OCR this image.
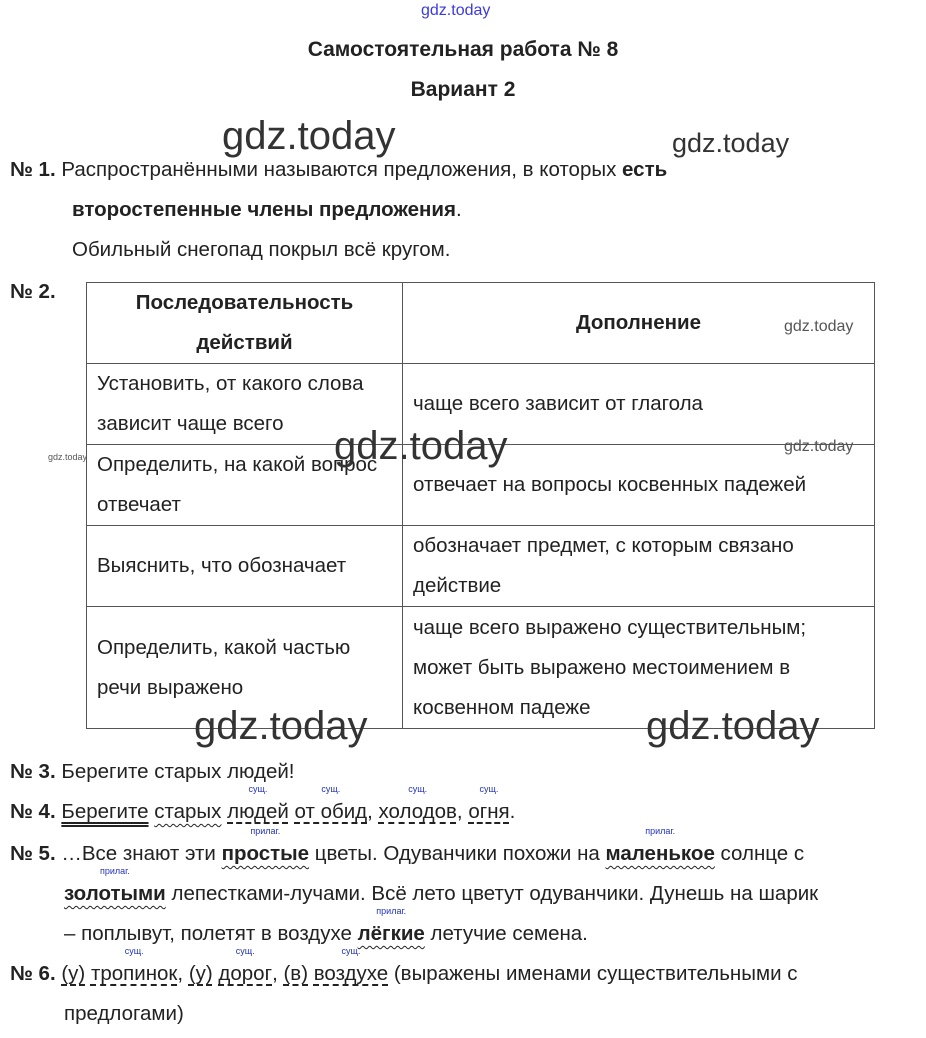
gdz.today
Самостоятельная работа № 8
Вариант 2
gdz.today	gdz.today
№ 1. Распространёнными называются предложения, в которых есть
второстепенные члены предложения.
Обильный снегопад покрыл всё кругом.
№ 2.	Последовательность действий	Дополнение
Установить, от какого слова зависит чаще всего	чаще всего зависит от глагола
Определить, на какой вопрос отвечает	отвечает на вопросы косвенных падежей
Выяснить, что обозначает	обозначает предмет, с которым связано действие
Определить, какой частью речи выражено	чаще всего выражено существительным; может быть выражено местоимением в косвенном падеже
gdz.today
gdz.today
gdz.today	gdz.today
gdz.today	gdz.today
№ 3. Берегите старых людей!
№ 4. Берегите старых
сущ.
людей
сущ.
от обид,
сущ.
холодов,
сущ.
огня.
№ 5. …Все знают эти
прилаг.
простые цветы. Одуванчики похожи на
прилаг.
маленькое солнце с
прилаг.
золотыми лепестками-лучами. Всё лето цветут одуванчики. Дунешь на шарик
– поплывут, полетят в воздухе
прилаг.
лёгкие летучие семена.
№ 6. (у)
сущ.
тропинок, (у)
сущ.
дорог, (в)
сущ.
воздухе (выражены именами существительными с
предлогами)
